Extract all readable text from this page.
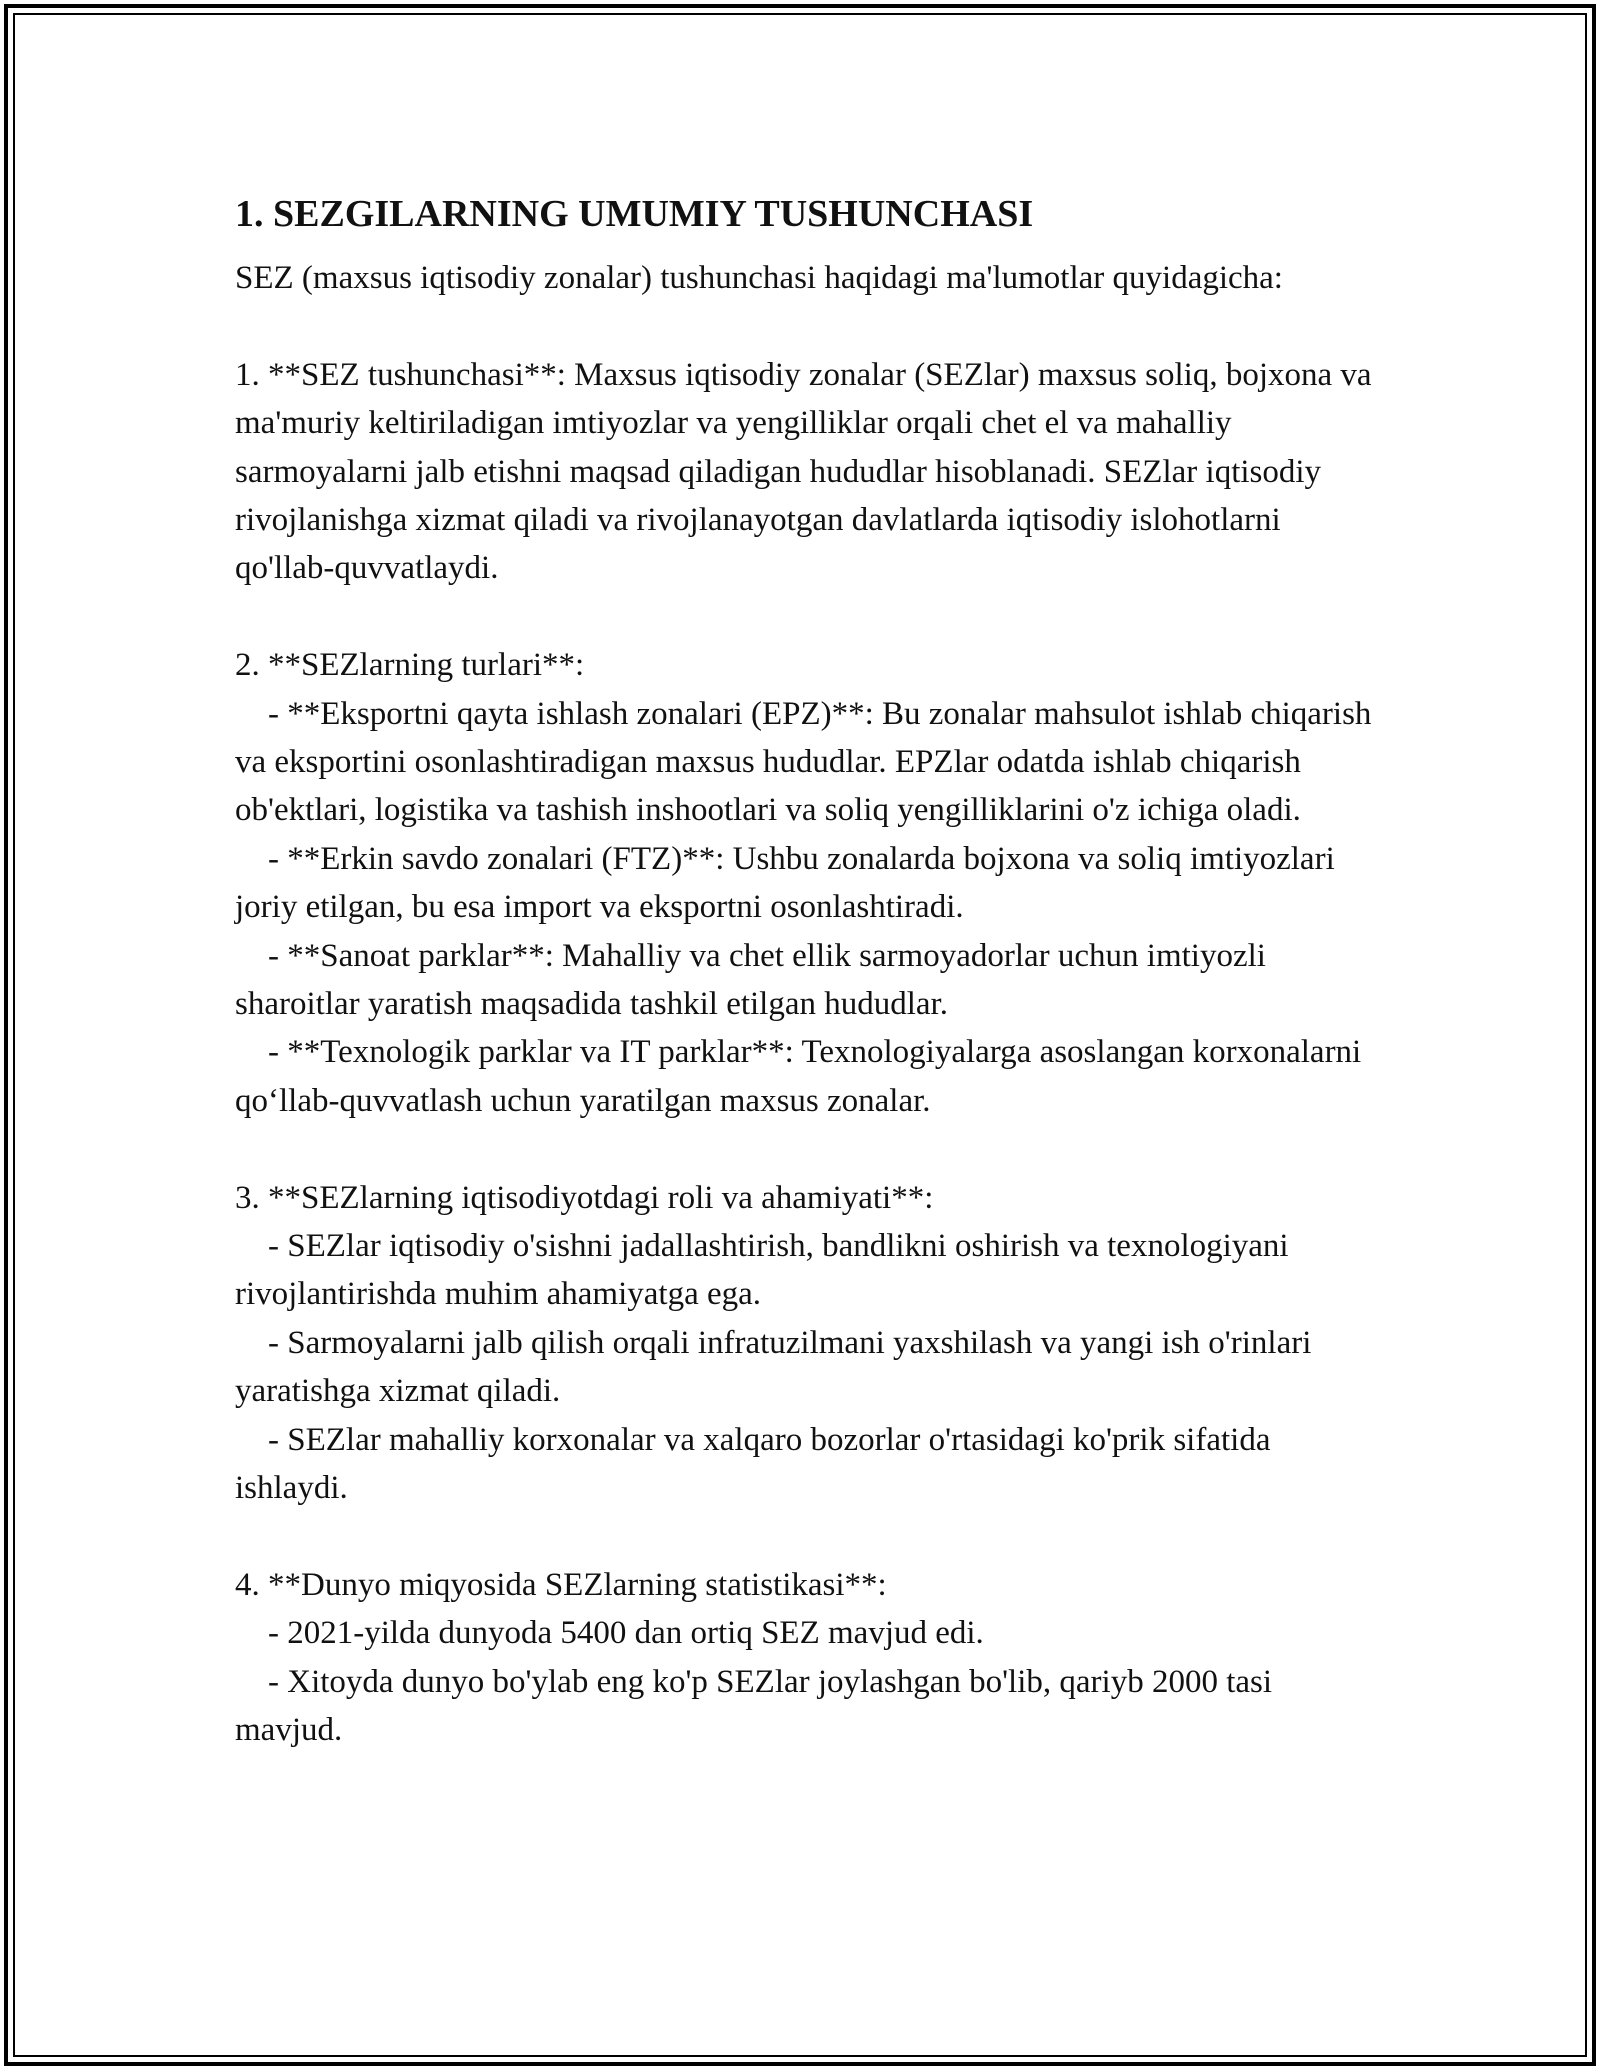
1. SEZGILARNING UMUMIY TUSHUNCHASI

SEZ (maxsus iqtisodiy zonalar) tushunchasi haqidagi ma'lumotlar quyidagicha:

1. **SEZ tushunchasi**: Maxsus iqtisodiy zonalar (SEZlar) maxsus soliq, bojxona va ma'muriy keltiriladigan imtiyozlar va yengilliklar orqali chet el va mahalliy sarmoyalarni jalb etishni maqsad qiladigan hududlar hisoblanadi. SEZlar iqtisodiy rivojlanishga xizmat qiladi va rivojlanayotgan davlatlarda iqtisodiy islohotlarni qo'llab-quvvatlaydi.

2. **SEZlarning turlari**:

- **Eksportni qayta ishlash zonalari (EPZ)**: Bu zonalar mahsulot ishlab chiqarish va eksportini osonlashtiradigan maxsus hududlar. EPZlar odatda ishlab chiqarish ob'ektlari, logistika va tashish inshootlari va soliq yengilliklarini o'z ichiga oladi.

- **Erkin savdo zonalari (FTZ)**: Ushbu zonalarda bojxona va soliq imtiyozlari joriy etilgan, bu esa import va eksportni osonlashtiradi.

- **Sanoat parklar**: Mahalliy va chet ellik sarmoyadorlar uchun imtiyozli sharoitlar yaratish maqsadida tashkil etilgan hududlar.

- **Texnologik parklar va IT parklar**: Texnologiyalarga asoslangan korxonalarni qo‘llab-quvvatlash uchun yaratilgan maxsus zonalar.

3. **SEZlarning iqtisodiyotdagi roli va ahamiyati**:

- SEZlar iqtisodiy o'sishni jadallashtirish, bandlikni oshirish va texnologiyani rivojlantirishda muhim ahamiyatga ega.

- Sarmoyalarni jalb qilish orqali infratuzilmani yaxshilash va yangi ish o'rinlari yaratishga xizmat qiladi.

- SEZlar mahalliy korxonalar va xalqaro bozorlar o'rtasidagi ko'prik sifatida ishlaydi.

4. **Dunyo miqyosida SEZlarning statistikasi**:

- 2021-yilda dunyoda 5400 dan ortiq SEZ mavjud edi.

- Xitoyda dunyo bo'ylab eng ko'p SEZlar joylashgan bo'lib, qariyb 2000 tasi mavjud.
